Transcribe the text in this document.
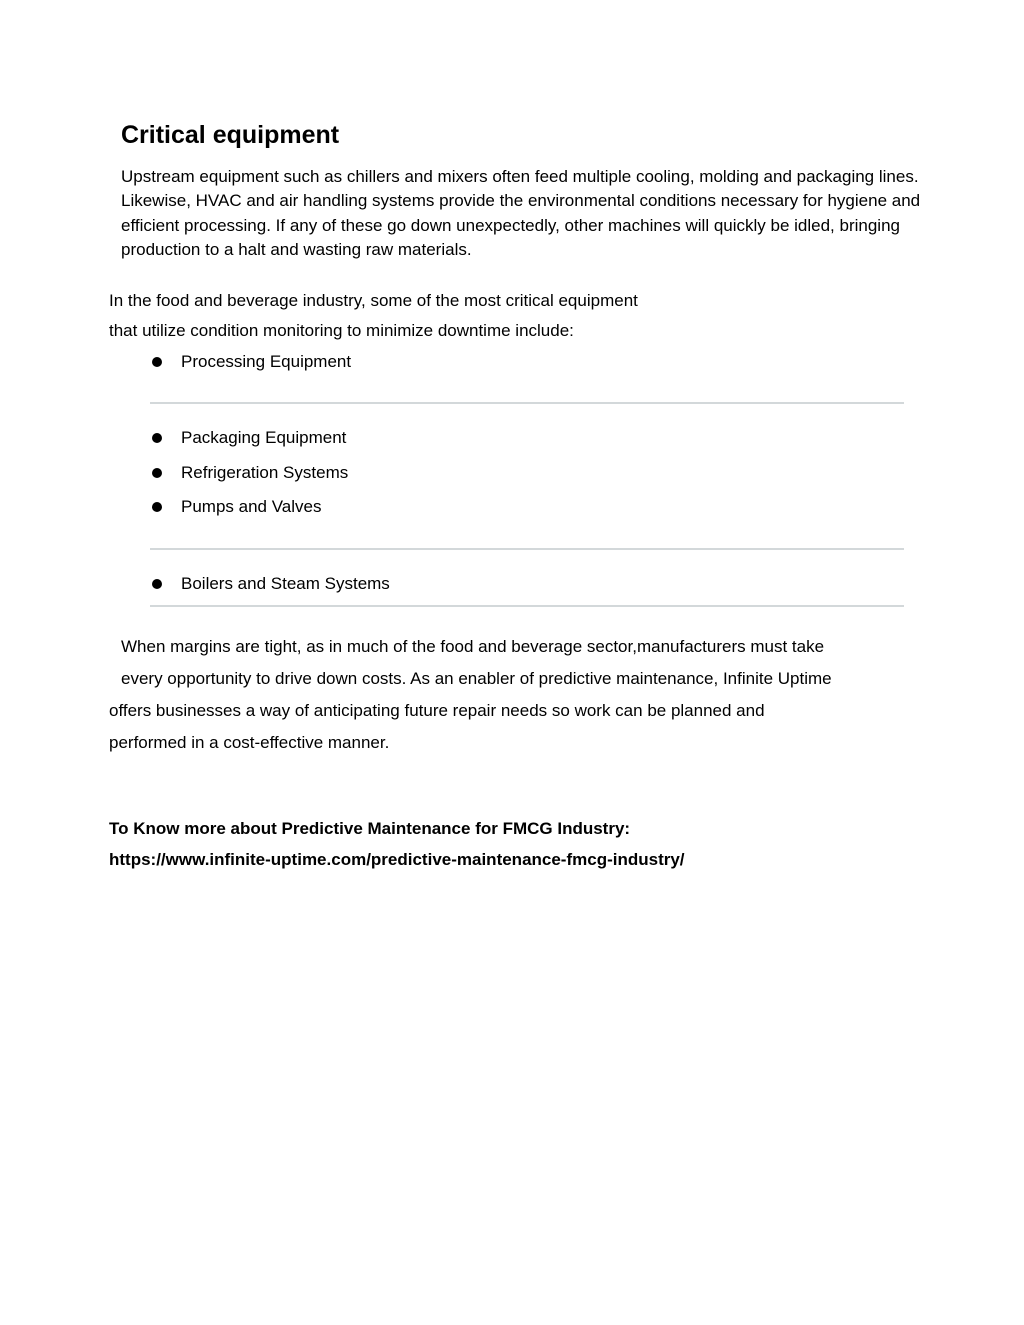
Critical equipment

Upstream equipment such as chillers and mixers often feed multiple cooling, molding and packaging lines. Likewise, HVAC and air handling systems provide the environmental conditions necessary for hygiene and efficient processing. If any of these go down unexpectedly, other machines will quickly be idled, bringing production to a halt and wasting raw materials.

In the food and beverage industry, some of the most critical equipment
that utilize condition monitoring to minimize downtime include:

Processing Equipment
Packaging Equipment
Refrigeration Systems
Pumps and Valves
Boilers and Steam Systems

When margins are tight, as in much of the food and beverage sector,manufacturers must take

every opportunity to drive down costs. As an enabler of predictive maintenance, Infinite Uptime

offers businesses a way of anticipating future repair needs so work can be planned and

performed in a cost-effective manner.

To Know more about Predictive Maintenance for FMCG Industry:

https://www.infinite-uptime.com/predictive-maintenance-fmcg-industry/
